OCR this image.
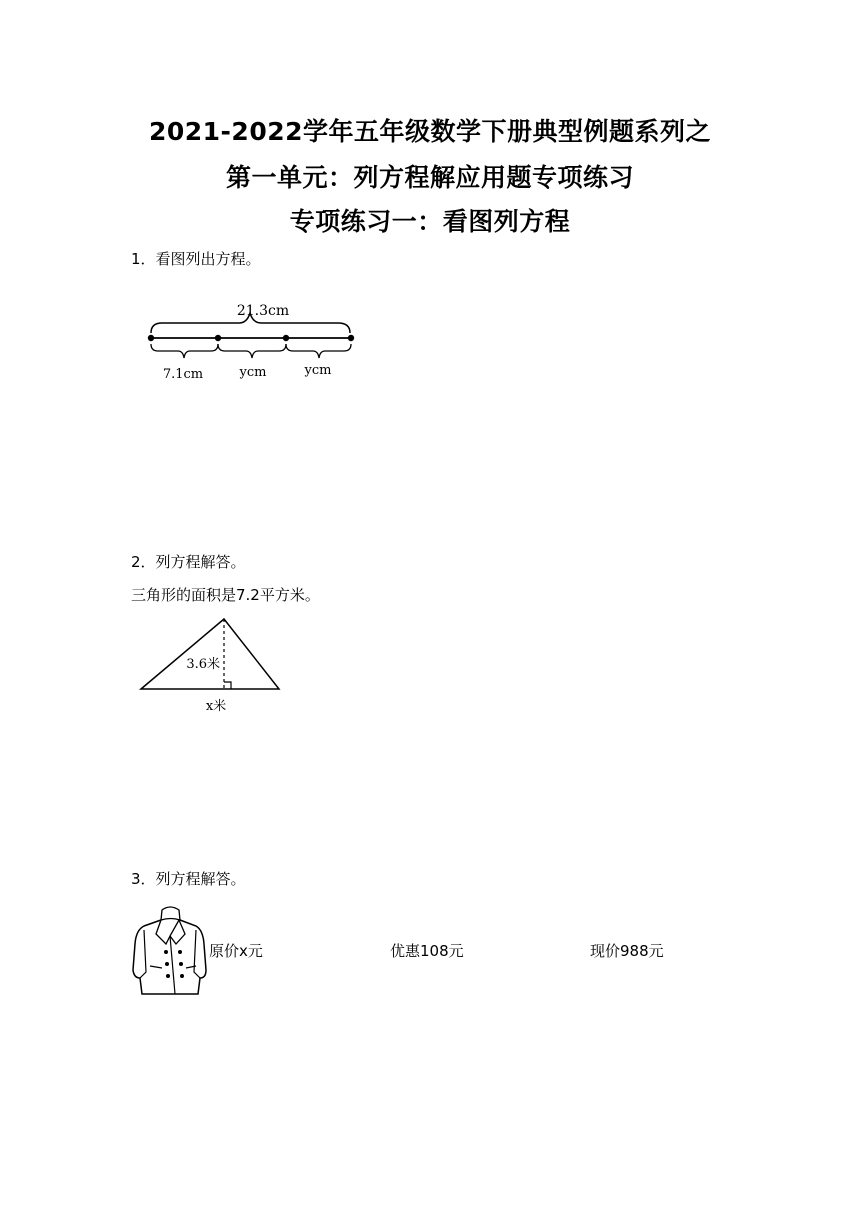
2021-2022学年五年级数学下册典型例题系列之
第一单元：列方程解应用题专项练习
专项练习一：看图列方程
1．看图列出方程。
21.3cm
7.1cm	ycm	ycm
2．列方程解答。
三角形的面积是7.2平方米。
3.6米
x米
3．列方程解答。
原价x元	优惠108元	现价988元
